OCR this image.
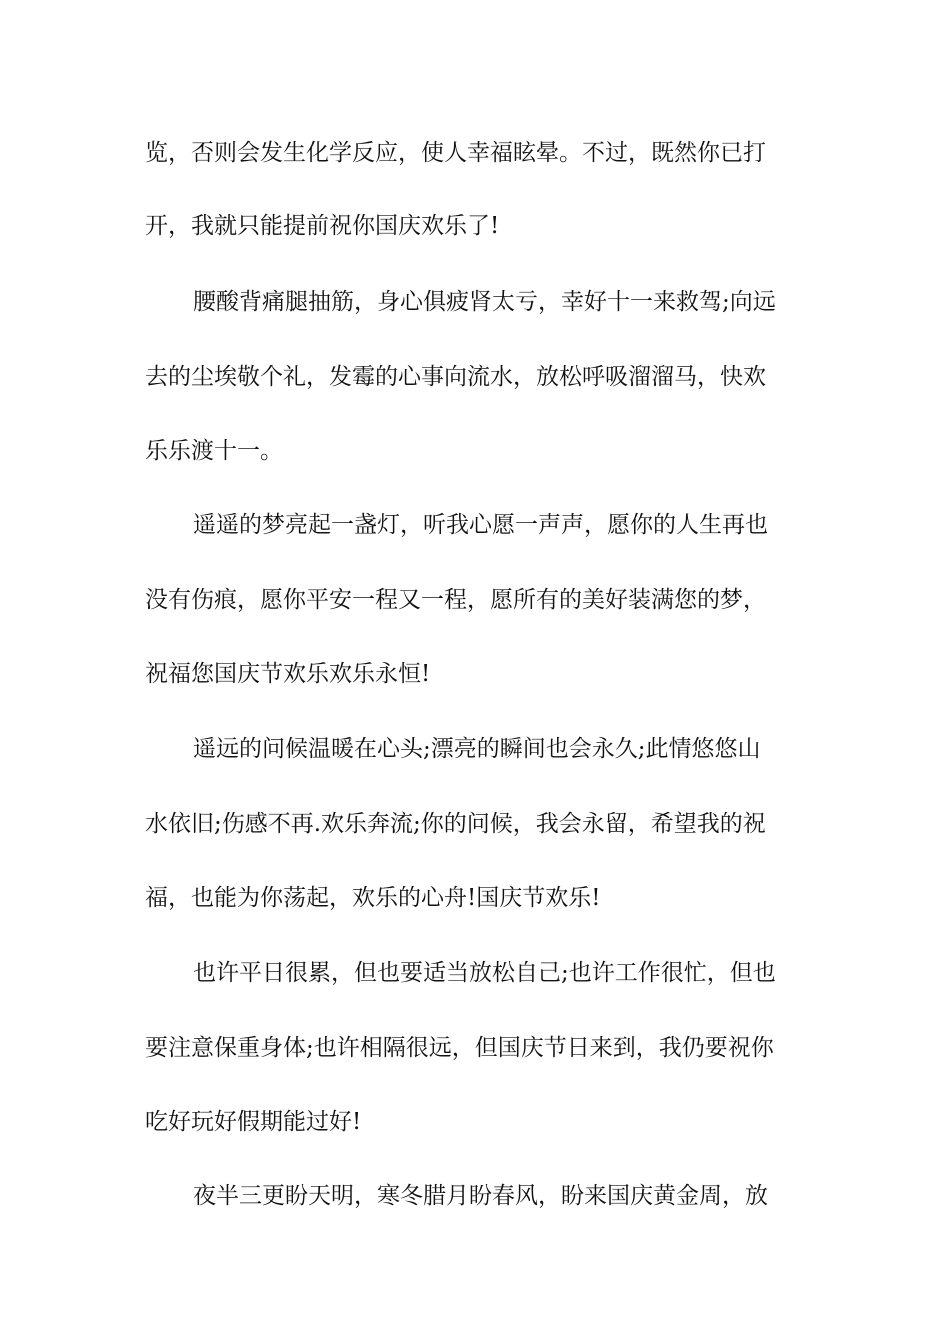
览，否则会发生化学反应，使人幸福眩晕。不过，既然你已打
开，我就只能提前祝你国庆欢乐了!
腰酸背痛腿抽筋，身心俱疲肾太亏，幸好十一来救驾;向远
去的尘埃敬个礼，发霉的心事向流水，放松呼吸溜溜马，快欢
乐乐渡十一。
遥遥的梦亮起一盏灯，听我心愿一声声，愿你的人生再也
没有伤痕，愿你平安一程又一程，愿所有的美好装满您的梦，
祝福您国庆节欢乐欢乐永恒!
遥远的问候温暖在心头;漂亮的瞬间也会永久;此情悠悠山
水依旧;伤感不再.欢乐奔流;你的问候，我会永留，希望我的祝
福，也能为你荡起，欢乐的心舟!国庆节欢乐!
也许平日很累，但也要适当放松自己;也许工作很忙，但也
要注意保重身体;也许相隔很远，但国庆节日来到，我仍要祝你
吃好玩好假期能过好!
夜半三更盼天明，寒冬腊月盼春风，盼来国庆黄金周，放
